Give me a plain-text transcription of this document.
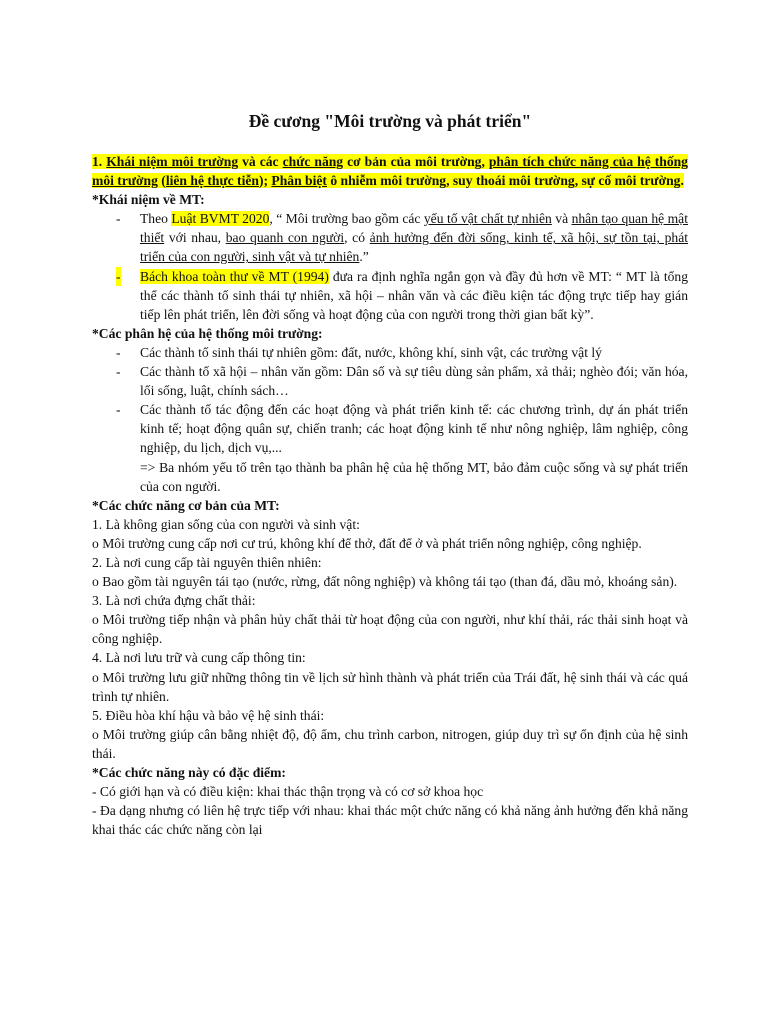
Đề cương "Môi trường và phát triển"

1. Khái niệm môi trường và các chức năng cơ bản của môi trường, phân tích chức năng của hệ thống môi trường (liên hệ thực tiễn); Phân biệt ô nhiễm môi trường, suy thoái môi trường, sự cố môi trường.

*Khái niệm về MT:

- Theo Luật BVMT 2020, “ Môi trường bao gồm các yếu tố vật chất tự nhiên và nhân tạo quan hệ mật thiết với nhau, bao quanh con người, có ảnh hưởng đến đời sống, kinh tế, xã hội, sự tồn tại, phát triển của con người, sinh vật và tự nhiên.”
- Bách khoa toàn thư về MT (1994) đưa ra định nghĩa ngắn gọn và đầy đủ hơn về MT: “ MT là tổng thể các thành tố sinh thái tự nhiên, xã hội – nhân văn và các điều kiện tác động trực tiếp hay gián tiếp lên phát triển, lên đời sống và hoạt động của con người trong thời gian bất kỳ”.

*Các phân hệ của hệ thống môi trường:

- Các thành tố sinh thái tự nhiên gồm: đất, nước, không khí, sinh vật, các trường vật lý
- Các thành tố xã hội – nhân văn gồm: Dân số và sự tiêu dùng sản phẩm, xả thải; nghèo đói; văn hóa, lối sống, luật, chính sách…
- Các thành tố tác động đến các hoạt động và phát triển kinh tế: các chương trình, dự án phát triển kinh tế; hoạt động quân sự, chiến tranh; các hoạt động kinh tế như nông nghiệp, lâm nghiệp, công nghiệp, du lịch, dịch vụ,...

=> Ba nhóm yếu tố trên tạo thành ba phân hệ của hệ thống MT, bảo đảm cuộc sống và sự phát triển của con người.

*Các chức năng cơ bản của MT:

1. Là không gian sống của con người và sinh vật:

o Môi trường cung cấp nơi cư trú, không khí để thở, đất để ở và phát triển nông nghiệp, công nghiệp.

2. Là nơi cung cấp tài nguyên thiên nhiên:

o Bao gồm tài nguyên tái tạo (nước, rừng, đất nông nghiệp) và không tái tạo (than đá, dầu mỏ, khoáng sản).

3. Là nơi chứa đựng chất thải:

o Môi trường tiếp nhận và phân hủy chất thải từ hoạt động của con người, như khí thải, rác thải sinh hoạt và công nghiệp.

4. Là nơi lưu trữ và cung cấp thông tin:

o Môi trường lưu giữ những thông tin về lịch sử hình thành và phát triển của Trái đất, hệ sinh thái và các quá trình tự nhiên.

5. Điều hòa khí hậu và bảo vệ hệ sinh thái:

o Môi trường giúp cân bằng nhiệt độ, độ ẩm, chu trình carbon, nitrogen, giúp duy trì sự ổn định của hệ sinh thái.

*Các chức năng này có đặc điểm:

- Có giới hạn và có điều kiện: khai thác thận trọng và có cơ sở khoa học

- Đa dạng nhưng có liên hệ trực tiếp với nhau: khai thác một chức năng có khả năng ảnh hưởng đến khả năng khai thác các chức năng còn lại
